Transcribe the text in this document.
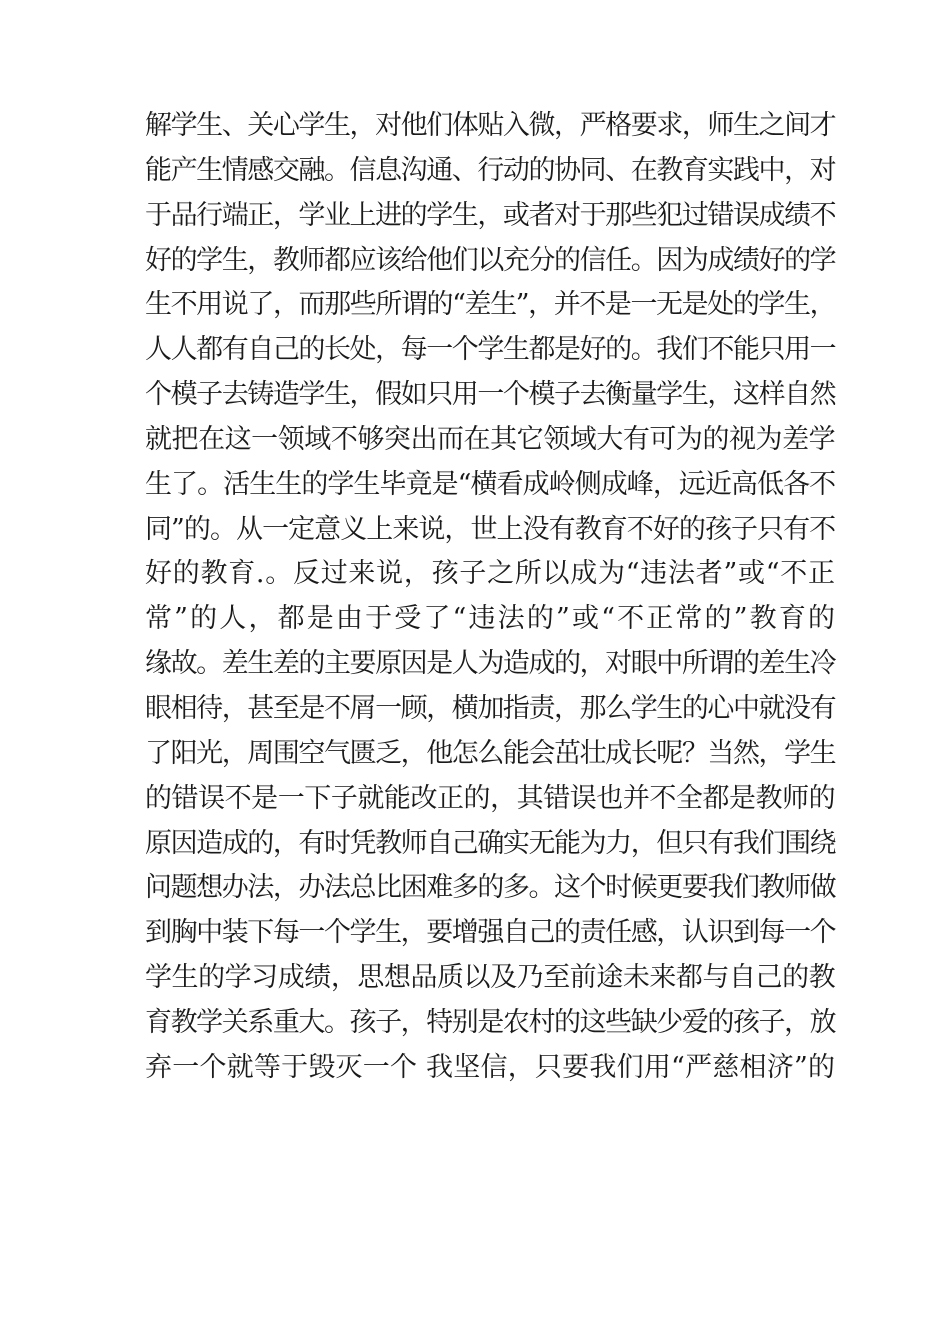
解学生、关心学生，对他们体贴入微，严格要求，师生之间才
能产生情感交融。信息沟通、行动的协同、在教育实践中，对
于品行端正，学业上进的学生，或者对于那些犯过错误成绩不
好的学生，教师都应该给他们以充分的信任。因为成绩好的学
生不用说了，而那些所谓的“差生”，并不是一无是处的学生，
人人都有自己的长处，每一个学生都是好的。我们不能只用一
个模子去铸造学生，假如只用一个模子去衡量学生，这样自然
就把在这一领域不够突出而在其它领域大有可为的视为差学
生了。活生生的学生毕竟是“横看成岭侧成峰，远近高低各不
同”的。从一定意义上来说，世上没有教育不好的孩子只有不
好的教育.。反过来说，孩子之所以成为“违法者”或“不正
常”的人，都是由于受了“违法的”或“不正常的”教育的
缘故。差生差的主要原因是人为造成的，对眼中所谓的差生冷
眼相待，甚至是不屑一顾，横加指责，那么学生的心中就没有
了阳光，周围空气匮乏，他怎么能会茁壮成长呢？当然，学生
的错误不是一下子就能改正的，其错误也并不全都是教师的
原因造成的，有时凭教师自己确实无能为力，但只有我们围绕
问题想办法，办法总比困难多的多。这个时候更要我们教师做
到胸中装下每一个学生，要增强自己的责任感，认识到每一个
学生的学习成绩，思想品质以及乃至前途未来都与自己的教
育教学关系重大。孩子，特别是农村的这些缺少爱的孩子，放
弃一个就等于毁灭一个 我坚信，只要我们用“严慈相济”的
